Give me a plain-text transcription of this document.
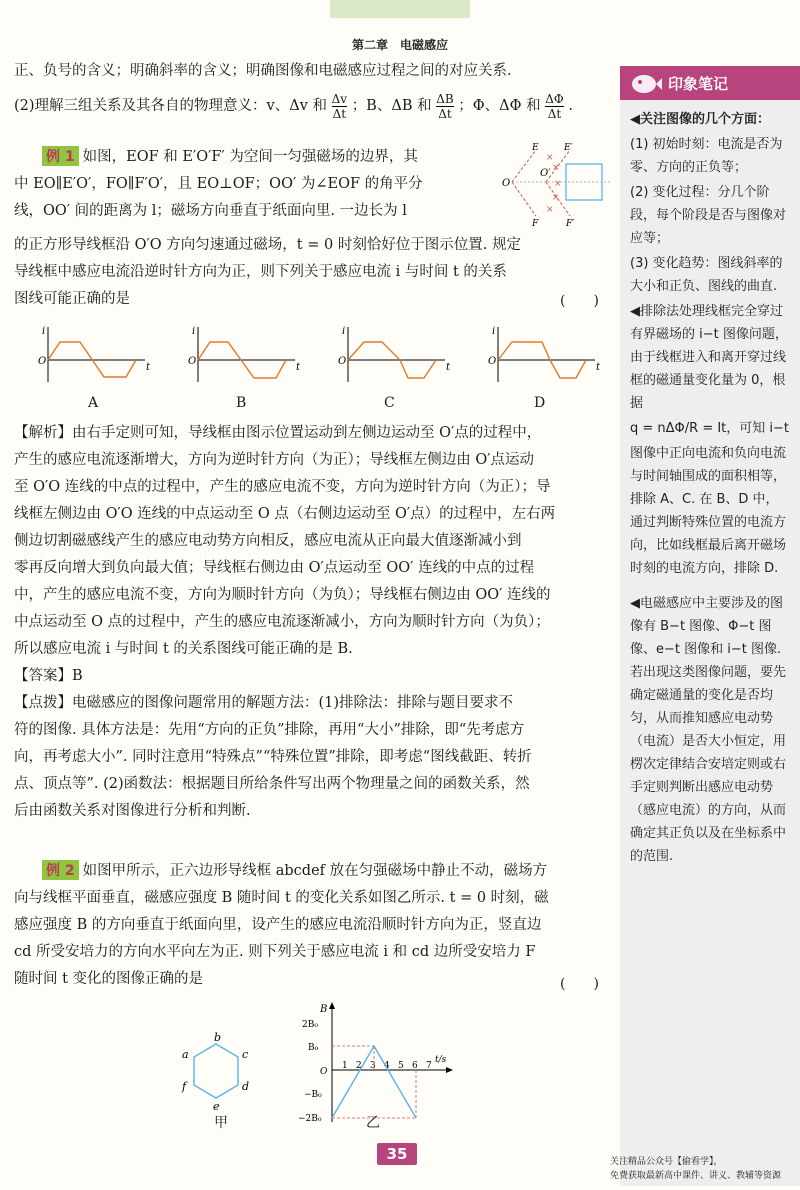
第二章　电磁感应
正、负号的含义；明确斜率的含义；明确图像和电磁感应过程之间的对应关系.
(2)理解三组关系及其各自的物理意义：v、Δv 和 $\frac{\Delta v}{\Delta t}$ ；B、ΔB 和 $\frac{\Delta B}{\Delta t}$ ；Φ、ΔΦ 和 $\frac{\Delta\Phi}{\Delta t}$ .
例 1 如图，EOF 和 E′O′F′ 为空间一匀强磁场的边界，其
中 EO∥E′O′，FO∥F′O′，且 EO⊥OF；OO′ 为∠EOF 的角平分
线，OO′ 间的距离为 l；磁场方向垂直于纸面向里. 一边长为 l
的正方形导线框沿 O′O 方向匀速通过磁场，t = 0 时刻恰好位于图示位置. 规定
导线框中感应电流沿逆时针方向为正，则下列关于感应电流 i 与时间 t 的关系
图线可能正确的是	(　　)
O
O′
E	E′
F	F′
×
×
×
×
×
i
O
t
i
O
t
i
O
t
i
O
t
A	B	C	D
【解析】由右手定则可知，导线框由图示位置运动到左侧边运动至 O′点的过程中，
产生的感应电流逐渐增大，方向为逆时针方向（为正）；导线框左侧边由 O′点运动
至 O′O 连线的中点的过程中，产生的感应电流不变，方向为逆时针方向（为正）；导
线框左侧边由 O′O 连线的中点运动至 O 点（右侧边运动至 O′点）的过程中，左右两
侧边切割磁感线产生的感应电动势方向相反，感应电流从正向最大值逐渐减小到
零再反向增大到负向最大值；导线框右侧边由 O′点运动至 OO′ 连线的中点的过程
中，产生的感应电流不变，方向为顺时针方向（为负）；导线框右侧边由 OO′ 连线的
中点运动至 O 点的过程中，产生的感应电流逐渐减小，方向为顺时针方向（为负）；
所以感应电流 i 与时间 t 的关系图线可能正确的是 B.
【答案】B
【点拨】电磁感应的图像问题常用的解题方法：(1)排除法：排除与题目要求不
符的图像. 具体方法是：先用“方向的正负”排除，再用“大小”排除，即“先考虑方
向，再考虑大小”. 同时注意用“特殊点”“特殊位置”排除，即考虑“图线截距、转折
点、顶点等”. (2)函数法：根据题目所给条件写出两个物理量之间的函数关系，然
后由函数关系对图像进行分析和判断.
例 2 如图甲所示，正六边形导线框 abcdef 放在匀强磁场中静止不动，磁场方
向与线框平面垂直，磁感应强度 B 随时间 t 的变化关系如图乙所示. t = 0 时刻，磁
感应强度 B 的方向垂直于纸面向里，设产生的感应电流沿顺时针方向为正，竖直边
cd 所受安培力的方向水平向左为正. 则下列关于感应电流 i 和 cd 边所受安培力 F
随时间 t 变化的图像正确的是	(　　)
b
c
d
e
f
a
甲
B
t/s
2B₀
B₀
O
−B₀
−2B₀
1 2 3 4 5 6 7
乙
印象笔记

◀关注图像的几个方面：

(1) 初始时刻：电流是否为零、方向的正负等；

(2) 变化过程：分几个阶段，每个阶段是否与图像对应等；

(3) 变化趋势：图线斜率的大小和正负、图线的曲直.

◀排除法处理线框完全穿过有界磁场的 i−t 图像问题，由于线框进入和离开穿过线框的磁通量变化量为 0，根据

q = nΔΦ/R = It，可知 i−t

图像中正向电流和负向电流与时间轴围成的面积相等，排除 A、C. 在 B、D 中，通过判断特殊位置的电流方向，比如线框最后离开磁场时刻的电流方向，排除 D.

◀电磁感应中主要涉及的图像有 B−t 图像、Φ−t 图像、e−t 图像和 i−t 图像. 若出现这类图像问题，要先确定磁通量的变化是否均匀，从而推知感应电动势（电流）是否大小恒定，用楞次定律结合安培定则或右手定则判断出感应电动势（感应电流）的方向，从而确定其正负以及在坐标系中的范围.

35	关注精品公众号【偷看学】，
免费获取最新高中课件、讲义、教辅等资源
